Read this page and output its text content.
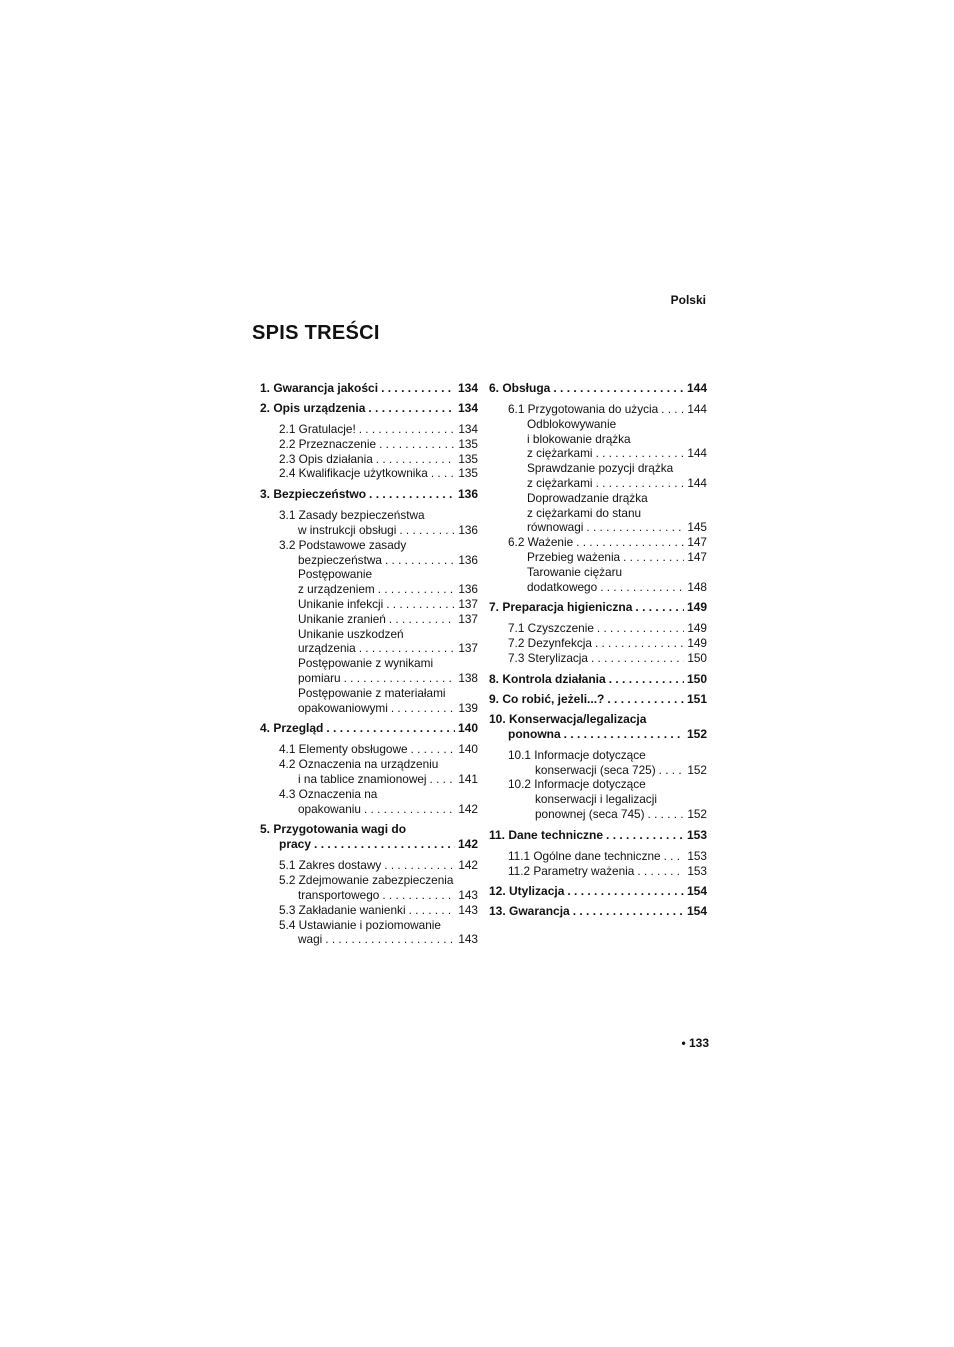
Polski
SPIS TREŚCI
1. Gwarancja jakości . . .	134
2. Opis urządzenia . . .	134
2.1 Gratulacje! . . .	134
2.2 Przeznaczenie . . .	135
2.3 Opis działania . . .	135
2.4 Kwalifikacje użytkownika . . .	135
3. Bezpieczeństwo . . .	136
3.1 Zasady bezpieczeństwa
w instrukcji obsługi . . .	136
3.2 Podstawowe zasady
bezpieczeństwa . . .	136
Postępowanie
z urządzeniem . . .	136
Unikanie infekcji . . .	137
Unikanie zranień . . .	137
Unikanie uszkodzeń
urządzenia . . .	137
Postępowanie z wynikami
pomiaru . . .	138
Postępowanie z materiałami
opakowaniowymi . . .	139
4. Przegląd . . .	140
4.1 Elementy obsługowe . . .	140
4.2 Oznaczenia na urządzeniu
i na tablice znamionowej . . .	141
4.3 Oznaczenia na
opakowaniu . . .	142
5. Przygotowania wagi do
pracy . . .	142
5.1 Zakres dostawy . . .	142
5.2 Zdejmowanie zabezpieczenia
transportowego . . .	143
5.3 Zakładanie wanienki . . .	143
5.4 Ustawianie i poziomowanie
wagi . . .	143
6. Obsługa . . .	144
6.1 Przygotowania do użycia . . . 144
Odblokowywanie
i blokowanie drążka
z ciężarkami . . .	144
Sprawdzanie pozycji drążka
z ciężarkami . . .	144
Doprowadzanie drążka
z ciężarkami do stanu
równowagi . . .	145
6.2 Ważenie . . .	147
Przebieg ważenia . . .	147
Tarowanie ciężaru
dodatkowego . . .	148
7. Preparacja higieniczna . . .	149
7.1 Czyszczenie . . .	149
7.2 Dezynfekcja . . .	149
7.3 Sterylizacja . . .	150
8. Kontrola działania . . .	150
9. Co robić, jeżeli...? . . .	151
10. Konserwacja/legalizacja
ponowna . . .	152
10.1 Informacje dotyczące
konserwacji (seca 725) . . .	152
10.2 Informacje dotyczące
konserwacji i legalizacji
ponownej (seca 745) . . .	152
11. Dane techniczne . . .	153
11.1 Ogólne dane techniczne . . . 153
11.2 Parametry ważenia . . .	153
12. Utylizacja . . .	154
13. Gwarancja . . .	154
• 133
